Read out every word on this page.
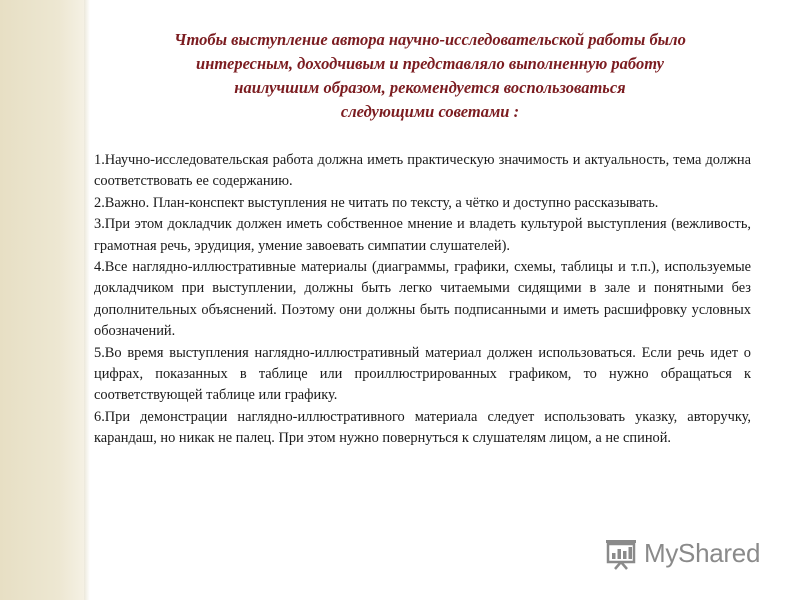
Чтобы выступление автора научно-исследовательской работы было
интересным, доходчивым и представляло выполненную работу
наилучшим образом, рекомендуется воспользоваться
следующими советами :

1.Научно-исследовательская работа должна иметь практическую значимость и актуальность, тема должна соответствовать ее содержанию.

2.Важно. План-конспект выступления не читать по тексту, а чётко и доступно рассказывать.

3.При этом докладчик должен иметь собственное мнение и владеть культурой выступления (вежливость, грамотная речь, эрудиция, умение завоевать симпатии слушателей).

4.Все наглядно-иллюстративные материалы (диаграммы, графики, схемы, таблицы и т.п.), используемые докладчиком при выступлении, должны быть легко читаемыми сидящими в зале и понятными без дополнительных объяснений. Поэтому они должны быть подписанными и иметь расшифровку условных обозначений.

5.Во время выступления наглядно-иллюстративный материал должен использоваться. Если речь идет о цифрах, показанных в таблице или проиллюстрированных графиком, то нужно обращаться к соответствующей таблице или графику.

6.При демонстрации наглядно-иллюстративного материала следует использовать указку, авторучку, карандаш, но никак не палец. При этом нужно повернуться к слушателям лицом, а не спиной.

MyShared
